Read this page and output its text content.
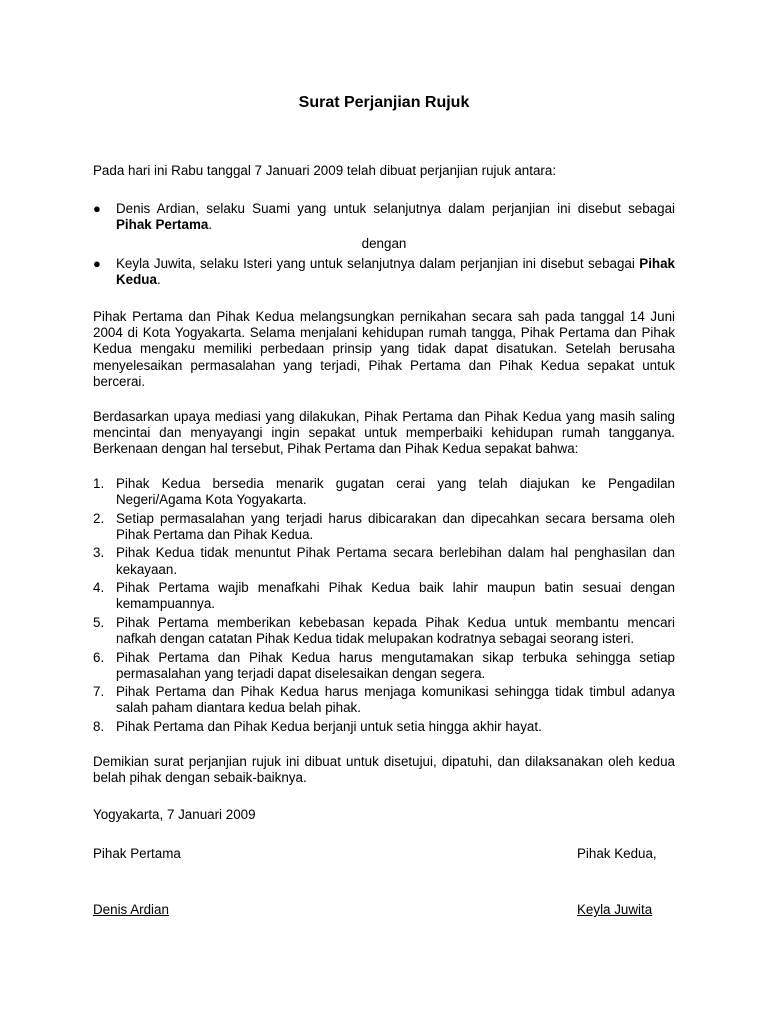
Surat Perjanjian Rujuk
Pada hari ini Rabu tanggal 7 Januari 2009 telah dibuat perjanjian rujuk antara:
●	Denis Ardian, selaku Suami yang untuk selanjutnya dalam perjanjian ini disebut sebagai Pihak Pertama.
dengan
●	Keyla Juwita, selaku Isteri yang untuk selanjutnya dalam perjanjian ini disebut sebagai Pihak Kedua.
Pihak Pertama dan Pihak Kedua melangsungkan pernikahan secara sah pada tanggal 14 Juni 2004 di Kota Yogyakarta. Selama menjalani kehidupan rumah tangga, Pihak Pertama dan Pihak Kedua mengaku memiliki perbedaan prinsip yang tidak dapat disatukan. Setelah berusaha menyelesaikan permasalahan yang terjadi, Pihak Pertama dan Pihak Kedua sepakat untuk bercerai.
Berdasarkan upaya mediasi yang dilakukan, Pihak Pertama dan Pihak Kedua yang masih saling mencintai dan menyayangi ingin sepakat untuk memperbaiki kehidupan rumah tangganya. Berkenaan dengan hal tersebut, Pihak Pertama dan Pihak Kedua sepakat bahwa:
1. Pihak Kedua bersedia menarik gugatan cerai yang telah diajukan ke Pengadilan Negeri/Agama Kota Yogyakarta.
2. Setiap permasalahan yang terjadi harus dibicarakan dan dipecahkan secara bersama oleh Pihak Pertama dan Pihak Kedua.
3. Pihak Kedua tidak menuntut Pihak Pertama secara berlebihan dalam hal penghasilan dan kekayaan.
4. Pihak Pertama wajib menafkahi Pihak Kedua baik lahir maupun batin sesuai dengan kemampuannya.
5. Pihak Pertama memberikan kebebasan kepada Pihak Kedua untuk membantu mencari nafkah dengan catatan Pihak Kedua tidak melupakan kodratnya sebagai seorang isteri.
6. Pihak Pertama dan Pihak Kedua harus mengutamakan sikap terbuka sehingga setiap permasalahan yang terjadi dapat diselesaikan dengan segera.
7. Pihak Pertama dan Pihak Kedua harus menjaga komunikasi sehingga tidak timbul adanya salah paham diantara kedua belah pihak.
8. Pihak Pertama dan Pihak Kedua berjanji untuk setia hingga akhir hayat.
Demikian surat perjanjian rujuk ini dibuat untuk disetujui, dipatuhi, dan dilaksanakan oleh kedua belah pihak dengan sebaik-baiknya.
Yogyakarta, 7 Januari 2009
Pihak Pertama	Pihak Kedua,
Denis Ardian	Keyla Juwita
